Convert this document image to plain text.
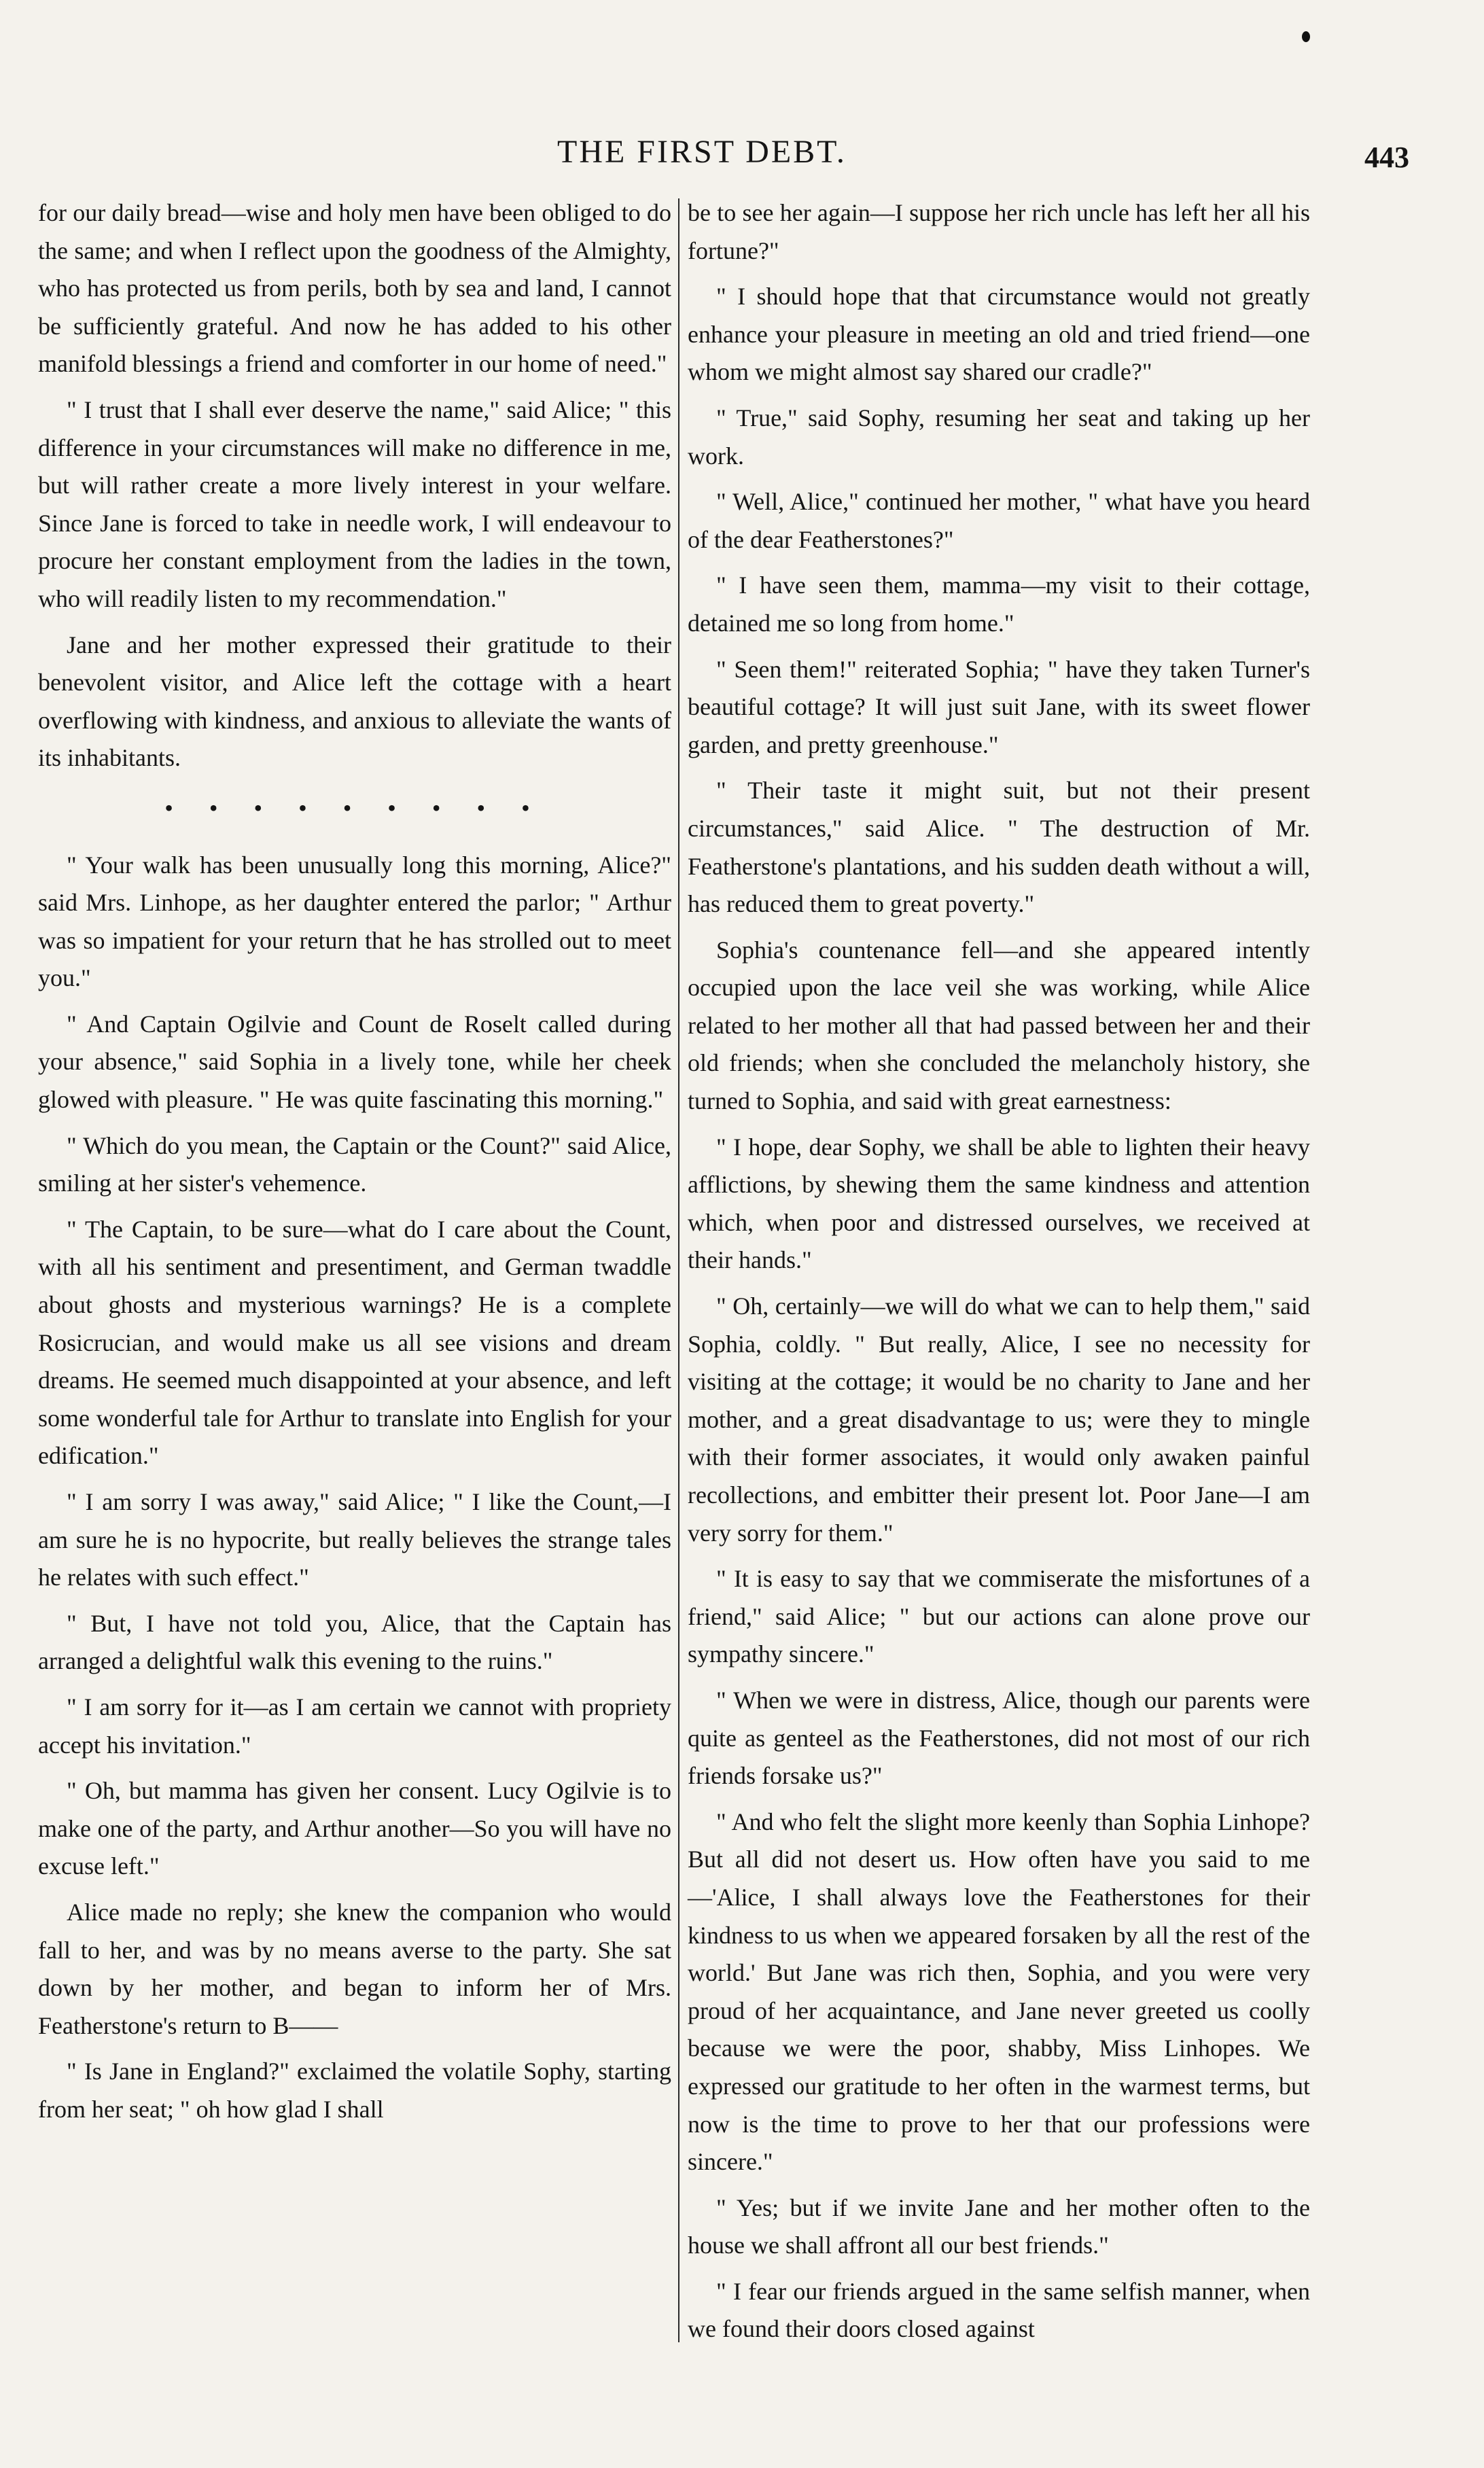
THE FIRST DEBT.	443

for our daily bread—wise and holy men have been obliged to do the same; and when I reflect upon the goodness of the Almighty, who has protected us from perils, both by sea and land, I cannot be sufficiently grateful. And now he has added to his other manifold blessings a friend and comforter in our home of need."

" I trust that I shall ever deserve the name," said Alice; " this difference in your circumstances will make no difference in me, but will rather create a more lively interest in your welfare. Since Jane is forced to take in needle work, I will endeavour to procure her constant employment from the ladies in the town, who will readily listen to my recommendation."

Jane and her mother expressed their gratitude to their benevolent visitor, and Alice left the cottage with a heart overflowing with kindness, and anxious to alleviate the wants of its inhabitants.

• • • • • • • • •

" Your walk has been unusually long this morning, Alice?" said Mrs. Linhope, as her daughter entered the parlor; " Arthur was so impatient for your return that he has strolled out to meet you."

" And Captain Ogilvie and Count de Roselt called during your absence," said Sophia in a lively tone, while her cheek glowed with pleasure. " He was quite fascinating this morning."

" Which do you mean, the Captain or the Count?" said Alice, smiling at her sister's vehemence.

" The Captain, to be sure—what do I care about the Count, with all his sentiment and presentiment, and German twaddle about ghosts and mysterious warnings? He is a complete Rosicrucian, and would make us all see visions and dream dreams. He seemed much disappointed at your absence, and left some wonderful tale for Arthur to translate into English for your edification."

" I am sorry I was away," said Alice; " I like the Count,—I am sure he is no hypocrite, but really believes the strange tales he relates with such effect."

" But, I have not told you, Alice, that the Captain has arranged a delightful walk this evening to the ruins."

" I am sorry for it—as I am certain we cannot with propriety accept his invitation."

" Oh, but mamma has given her consent. Lucy Ogilvie is to make one of the party, and Arthur another—So you will have no excuse left."

Alice made no reply; she knew the companion who would fall to her, and was by no means averse to the party. She sat down by her mother, and began to inform her of Mrs. Featherstone's return to B——

" Is Jane in England?" exclaimed the volatile Sophy, starting from her seat; " oh how glad I shall

be to see her again—I suppose her rich uncle has left her all his fortune?"

" I should hope that that circumstance would not greatly enhance your pleasure in meeting an old and tried friend—one whom we might almost say shared our cradle?"

" True," said Sophy, resuming her seat and taking up her work.

" Well, Alice," continued her mother, " what have you heard of the dear Featherstones?"

" I have seen them, mamma—my visit to their cottage, detained me so long from home."

" Seen them!" reiterated Sophia; " have they taken Turner's beautiful cottage? It will just suit Jane, with its sweet flower garden, and pretty greenhouse."

" Their taste it might suit, but not their present circumstances," said Alice. " The destruction of Mr. Featherstone's plantations, and his sudden death without a will, has reduced them to great poverty."

Sophia's countenance fell—and she appeared intently occupied upon the lace veil she was working, while Alice related to her mother all that had passed between her and their old friends; when she concluded the melancholy history, she turned to Sophia, and said with great earnestness:

" I hope, dear Sophy, we shall be able to lighten their heavy afflictions, by shewing them the same kindness and attention which, when poor and distressed ourselves, we received at their hands."

" Oh, certainly—we will do what we can to help them," said Sophia, coldly. " But really, Alice, I see no necessity for visiting at the cottage; it would be no charity to Jane and her mother, and a great disadvantage to us; were they to mingle with their former associates, it would only awaken painful recollections, and embitter their present lot. Poor Jane—I am very sorry for them."

" It is easy to say that we commiserate the misfortunes of a friend," said Alice; " but our actions can alone prove our sympathy sincere."

" When we were in distress, Alice, though our parents were quite as genteel as the Featherstones, did not most of our rich friends forsake us?"

" And who felt the slight more keenly than Sophia Linhope? But all did not desert us. How often have you said to me—'Alice, I shall always love the Featherstones for their kindness to us when we appeared forsaken by all the rest of the world.' But Jane was rich then, Sophia, and you were very proud of her acquaintance, and Jane never greeted us coolly because we were the poor, shabby, Miss Linhopes. We expressed our gratitude to her often in the warmest terms, but now is the time to prove to her that our professions were sincere."

" Yes; but if we invite Jane and her mother often to the house we shall affront all our best friends."

" I fear our friends argued in the same selfish manner, when we found their doors closed against
